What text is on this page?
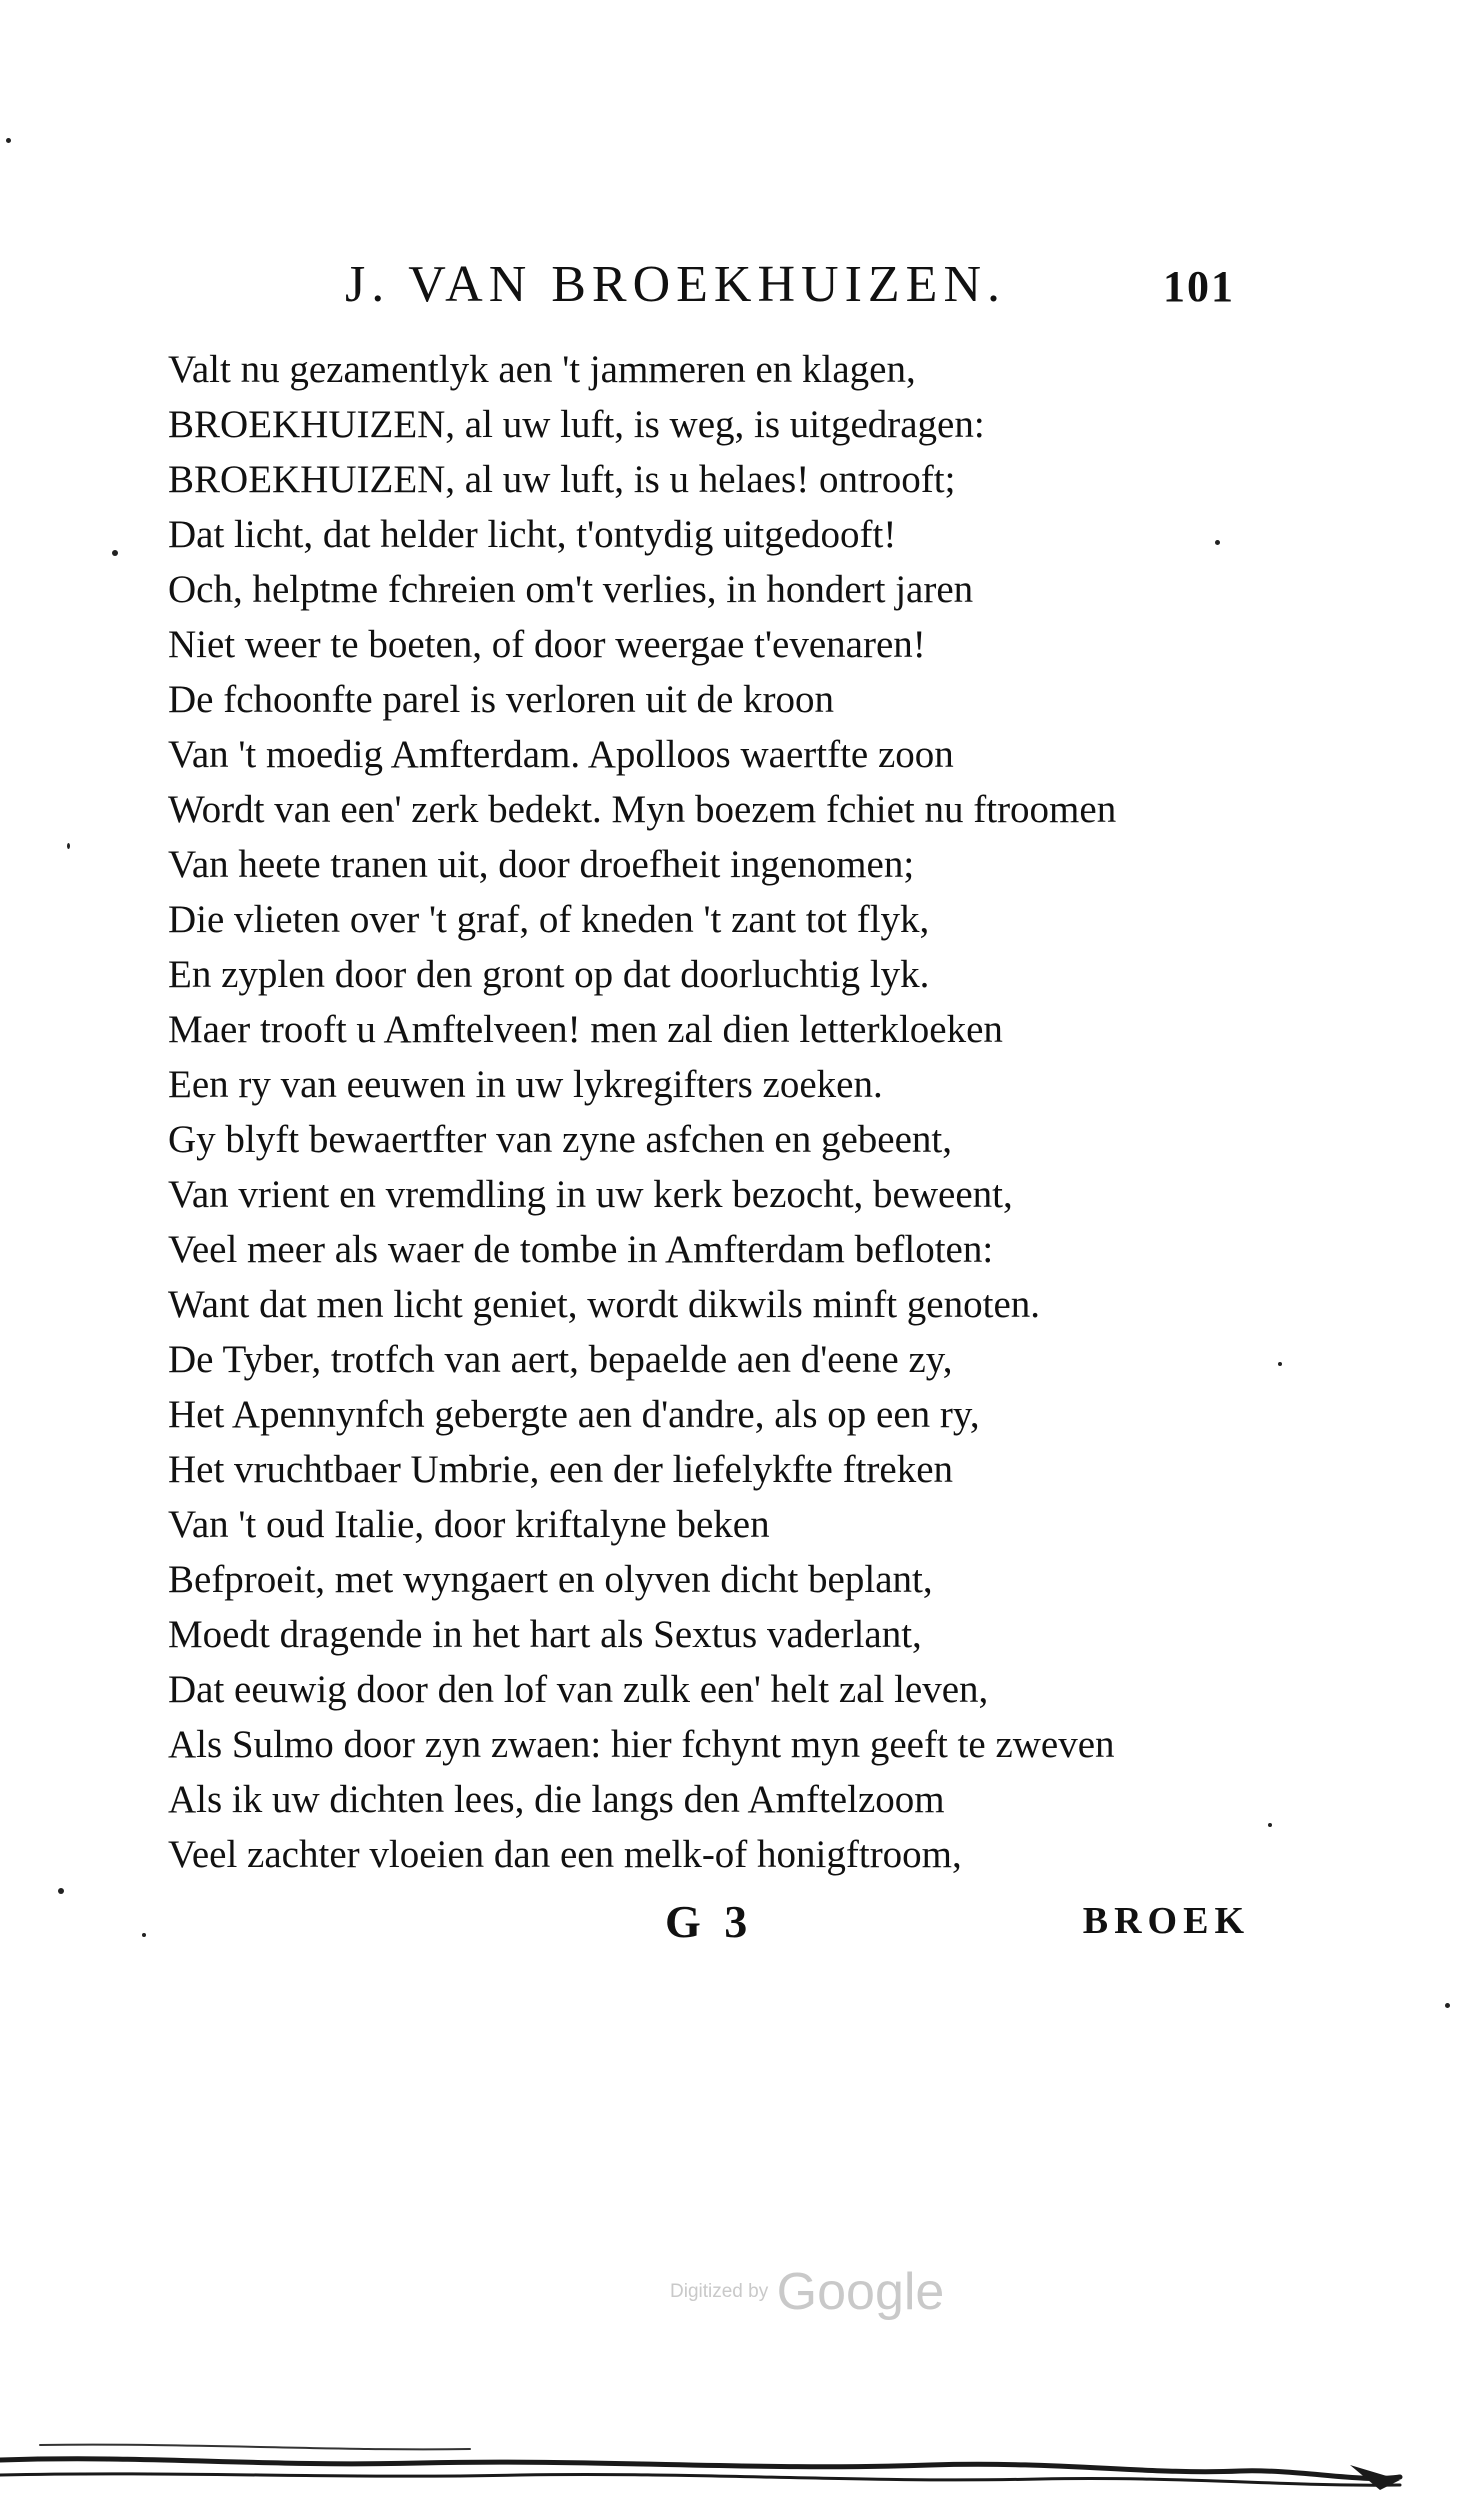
J. VAN BROEKHUIZEN.	101
Valt nu gezamentlyk aen 't jammeren en klagen,
BROEKHUIZEN, al uw luft, is weg, is uitgedragen:
BROEKHUIZEN, al uw luft, is u helaes! ontrooft;
Dat licht, dat helder licht, t'ontydig uitgedooft!
Och, helptme fchreien om't verlies, in hondert jaren
Niet weer te boeten, of door weergae t'evenaren!
De fchoonfte parel is verloren uit de kroon
Van 't moedig Amfterdam. Apolloos waertfte zoon
Wordt van een' zerk bedekt. Myn boezem fchiet nu ftroomen
Van heete tranen uit, door droefheit ingenomen;
Die vlieten over 't graf, of kneden 't zant tot flyk,
En zyplen door den gront op dat doorluchtig lyk.
Maer trooft u Amftelveen! men zal dien letterkloeken
Een ry van eeuwen in uw lykregifters zoeken.
Gy blyft bewaertfter van zyne asfchen en gebeent,
Van vrient en vremdling in uw kerk bezocht, beweent,
Veel meer als waer de tombe in Amfterdam befloten:
Want dat men licht geniet, wordt dikwils minft genoten.
De Tyber, trotfch van aert, bepaelde aen d'eene zy,
Het Apennynfch gebergte aen d'andre, als op een ry,
Het vruchtbaer Umbrie, een der liefelykfte ftreken
Van 't oud Italie, door kriftalyne beken
Befproeit, met wyngaert en olyven dicht beplant,
Moedt dragende in het hart als Sextus vaderlant,
Dat eeuwig door den lof van zulk een' helt zal leven,
Als Sulmo door zyn zwaen: hier fchynt myn geeft te zweven
Als ik uw dichten lees, die langs den Amftelzoom
Veel zachter vloeien dan een melk-of honigftroom,
G 3	BROEK
Digitized by Google
